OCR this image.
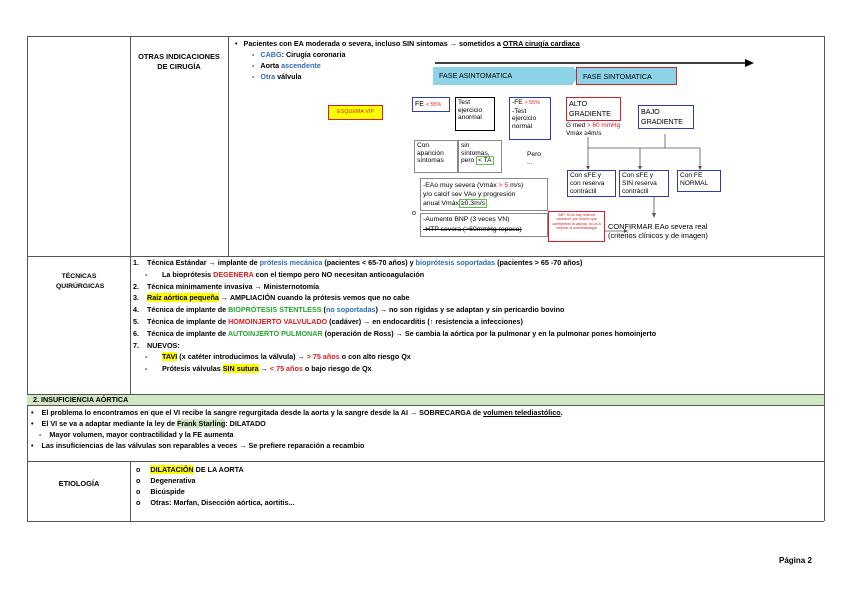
OTRAS INDICACIONES DE CIRUGÍA
• Pacientes con EA moderada o severa, incluso SIN síntomas → sometidos a OTRA cirugía cardiaca
-   CABG: Cirugía coronaria
-   Aorta ascendente
-   Otra válvula	FASE ASINTOMATICA	FASE SINTOMATICA
ESQUEMA VIP
FE < 55%	Test
ejercicio
anormal
-FE > 55%
-Test
ejercicio
normal
ALTO
GRADIENTE
G med > 60 mmHg
Vmáx ≥4m/s
BAJO
GRADIENTE
Con
aparición
síntomas
sin
síntomas,
pero < TA
Pero
...
Con ≤FE y
con reserva
contráctil
Con ≤FE y
SIN reserva
contráctil
Con FE
NORMAL
-EAo muy severa (Vmáx > 5 m/s)
y/o calcif sev VAo y progresión
anual Vmáx ≥0.3m/s
o
-Aumento BNP (3 veces VN)
-HTP severa (>60mmHg reposo)
IMP: Si no hay reserva contráctil, por mucho que cambiemos la válvula, no va a mejorar la sintomatología	CONFIRMAR EAo severa real
(criterios clínicos y de imagen)
TÉCNICAS QUIRÚRGICAS
1. Técnica Estándar → implante de prótesis mecánica (pacientes < 65-70 años) y bioprótesis soportadas (pacientes > 65 -70 años)
- La bioprótesis DEGENERA con el tiempo pero NO necesitan anticoagulación
2. Técnica mínimamente invasiva → Ministernotomía
3. Raíz aórtica pequeña → AMPLIACIÓN cuando la prótesis vemos que no cabe
4. Técnica de implante de BIOPRÓTESIS STENTLESS (no soportadas) → no son rígidas y se adaptan y sin pericardio bovino
5. Técnica de implante de HOMOINJERTO VALVULADO (cadáver) → en endocarditis (↑ resistencia a infecciones)
6. Técnica de implante de AUTOINJERTO PULMONAR (operación de Ross) → Se cambia la aórtica por la pulmonar y en la pulmonar pones homoinjerto
7. NUEVOS:
- TAVI (x catéter introducimos la válvula) → > 75 años o con alto riesgo Qx
- Prótesis válvulas SIN sutura → < 75 años o bajo riesgo de Qx
2. INSUFICIENCIA AÓRTICA
• El problema lo encontramos en que el VI recibe la sangre regurgitada desde la aorta y la sangre desde la AI → SOBRECARGA de volumen telediastólico.
• El VI se va a adaptar mediante la ley de Frank Starling: DILATADO
- Mayor volumen, mayor contractilidad y la FE aumenta
• Las insuficiencias de las válvulas son reparables a veces → Se prefiere reparación a recambio
ETIOLOGÍA
o     DILATACIÓN DE LA AORTA
o     Degenerativa
o     Bicúspide
o     Otras: Marfan, Disección aórtica, aortitis...
Página 2
